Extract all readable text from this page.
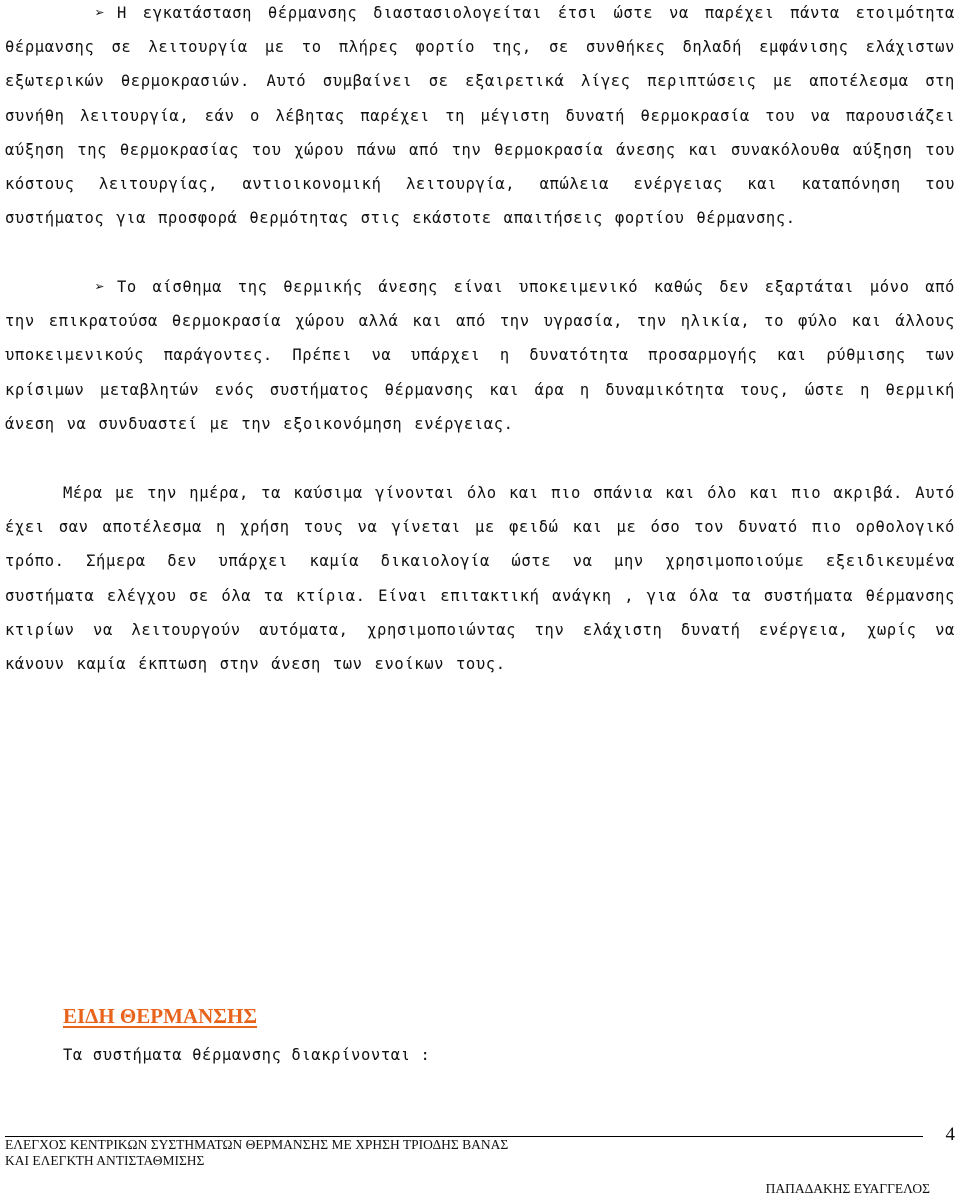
➢ Η εγκατάσταση θέρμανσης διαστασιολογείται έτσι ώστε να παρέχει πάντα ετοιμότητα θέρμανσης σε λειτουργία με το πλήρες φορτίο της, σε συνθήκες δηλαδή εμφάνισης ελάχιστων εξωτερικών θερμοκρασιών. Αυτό συμβαίνει σε εξαιρετικά λίγες περιπτώσεις με αποτέλεσμα στη συνήθη λειτουργία, εάν ο λέβητας παρέχει τη μέγιστη δυνατή θερμοκρασία του να παρουσιάζει αύξηση της θερμοκρασίας του χώρου πάνω από την θερμοκρασία άνεσης και συνακόλουθα αύξηση του κόστους λειτουργίας, αντιοικονομική λειτουργία, απώλεια ενέργειας και καταπόνηση του συστήματος για προσφορά θερμότητας στις εκάστοτε απαιτήσεις φορτίου θέρμανσης.

➢ Το αίσθημα της θερμικής άνεσης είναι υποκειμενικό καθώς δεν εξαρτάται μόνο από την επικρατούσα θερμοκρασία χώρου αλλά και από την υγρασία, την ηλικία, το φύλο και άλλους υποκειμενικούς παράγοντες. Πρέπει να υπάρχει η δυνατότητα προσαρμογής και ρύθμισης των κρίσιμων μεταβλητών ενός συστήματος θέρμανσης και άρα η δυναμικότητα τους, ώστε η θερμική άνεση να συνδυαστεί με την εξοικονόμηση ενέργειας.

Μέρα με την ημέρα, τα καύσιμα γίνονται όλο και πιο σπάνια και όλο και πιο ακριβά. Αυτό έχει σαν αποτέλεσμα η χρήση τους να γίνεται με φειδώ και με όσο τον δυνατό πιο ορθολογικό τρόπο. Σήμερα δεν υπάρχει καμία δικαιολογία ώστε να μην χρησιμοποιούμε εξειδικευμένα συστήματα ελέγχου σε όλα τα κτίρια. Είναι επιτακτική ανάγκη , για όλα τα συστήματα θέρμανσης κτιρίων να λειτουργούν αυτόματα, χρησιμοποιώντας την ελάχιστη δυνατή ενέργεια, χωρίς να κάνουν καμία έκπτωση στην άνεση των ενοίκων τους.

ΕΙΔΗ ΘΕΡΜΑΝΣΗΣ

Τα συστήματα θέρμανσης διακρίνονται :

ΕΛΕΓΧΟΣ ΚΕΝΤΡΙΚΩΝ ΣΥΣΤΗΜΑΤΩΝ ΘΕΡΜΑΝΣΗΣ ΜΕ ΧΡΗΣΗ ΤΡΙΟΔΗΣ ΒΑΝΑΣ
ΚΑΙ ΕΛΕΓΚΤΗ ΑΝΤΙΣΤΑΘΜΙΣΗΣ

4

ΠΑΠΑΔΑΚΗΣ ΕΥΑΓΓΕΛΟΣ
